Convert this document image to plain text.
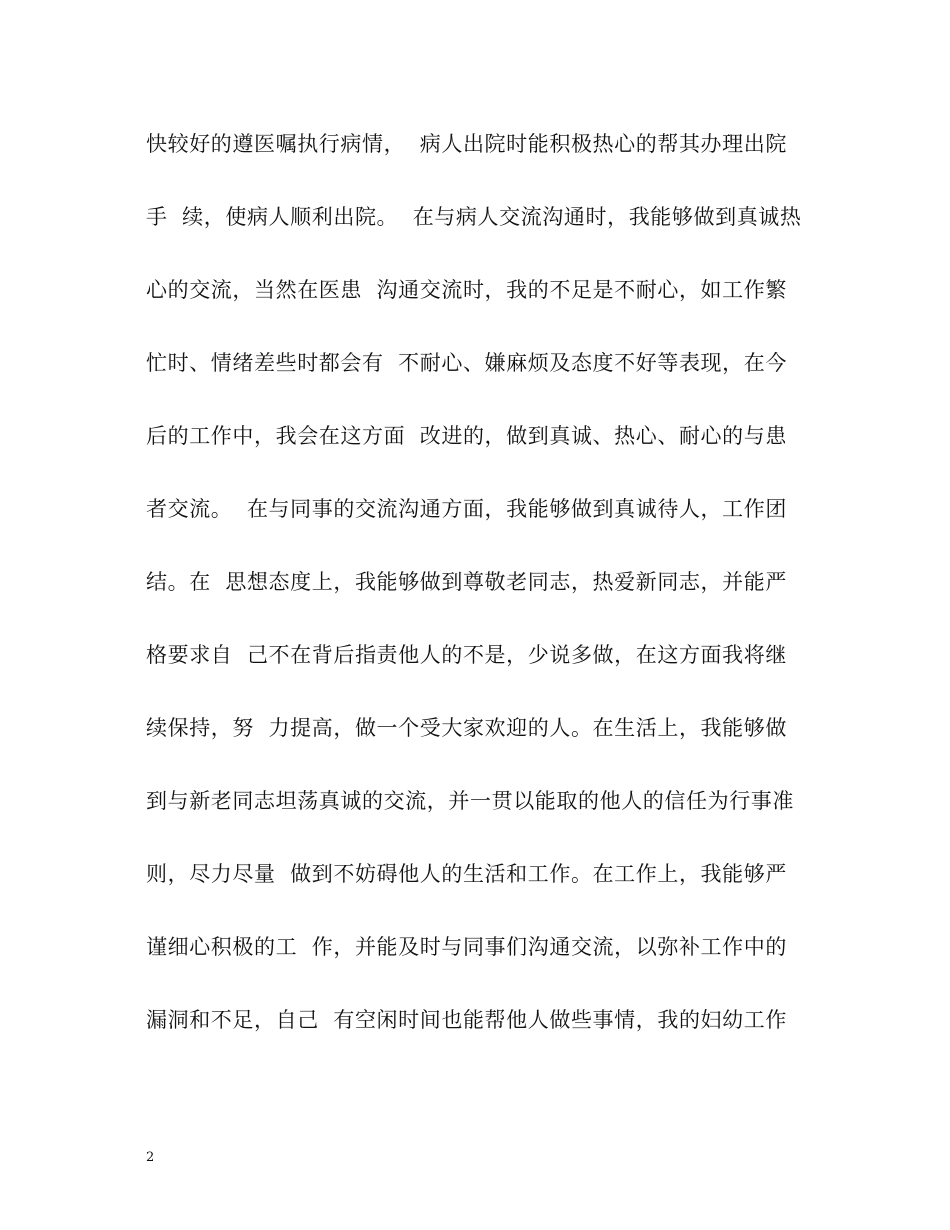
快较好的遵医嘱执行病情，  病人出院时能积极热心的帮其办理出院
手  续，使病人顺利出院。  在与病人交流沟通时，我能够做到真诚热
心的交流，当然在医患  沟通交流时，我的不足是不耐心，如工作繁
忙时、情绪差些时都会有  不耐心、嫌麻烦及态度不好等表现，在今
后的工作中，我会在这方面  改进的，做到真诚、热心、耐心的与患
者交流。  在与同事的交流沟通方面，我能够做到真诚待人，工作团
结。在  思想态度上，我能够做到尊敬老同志，热爱新同志，并能严
格要求自  己不在背后指责他人的不是，少说多做，在这方面我将继
续保持，努  力提高，做一个受大家欢迎的人。在生活上，我能够做
到与新老同志坦荡真诚的交流，并一贯以能取的他人的信任为行事准
则，尽力尽量  做到不妨碍他人的生活和工作。在工作上，我能够严
谨细心积极的工  作，并能及时与同事们沟通交流，以弥补工作中的
漏洞和不足，自己  有空闲时间也能帮他人做些事情，我的妇幼工作
2
